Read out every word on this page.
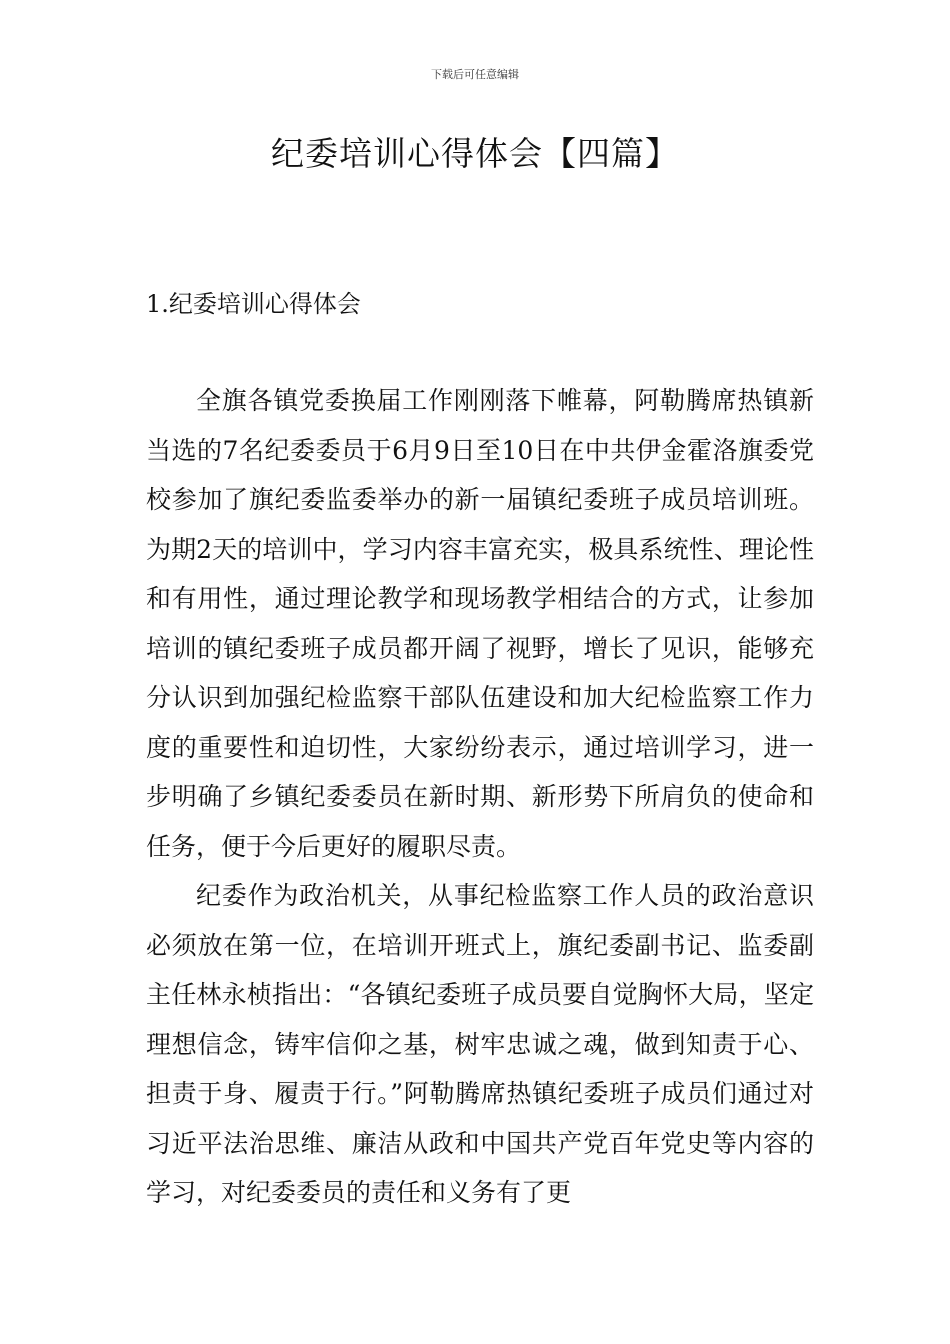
下载后可任意编辑
纪委培训心得体会【四篇】
1.纪委培训心得体会

全旗各镇党委换届工作刚刚落下帷幕，阿勒腾席热镇新当选的7名纪委委员于6月9日至10日在中共伊金霍洛旗委党校参加了旗纪委监委举办的新一届镇纪委班子成员培训班。为期2天的培训中，学习内容丰富充实，极具系统性、理论性和有用性，通过理论教学和现场教学相结合的方式，让参加培训的镇纪委班子成员都开阔了视野，增长了见识，能够充分认识到加强纪检监察干部队伍建设和加大纪检监察工作力度的重要性和迫切性，大家纷纷表示，通过培训学习，进一步明确了乡镇纪委委员在新时期、新形势下所肩负的使命和任务，便于今后更好的履职尽责。

纪委作为政治机关，从事纪检监察工作人员的政治意识必须放在第一位，在培训开班式上，旗纪委副书记、监委副主任林永桢指出：“各镇纪委班子成员要自觉胸怀大局，坚定理想信念，铸牢信仰之基，树牢忠诚之魂，做到知责于心、担责于身、履责于行。”阿勒腾席热镇纪委班子成员们通过对习近平法治思维、廉洁从政和中国共产党百年党史等内容的学习，对纪委委员的责任和义务有了更
